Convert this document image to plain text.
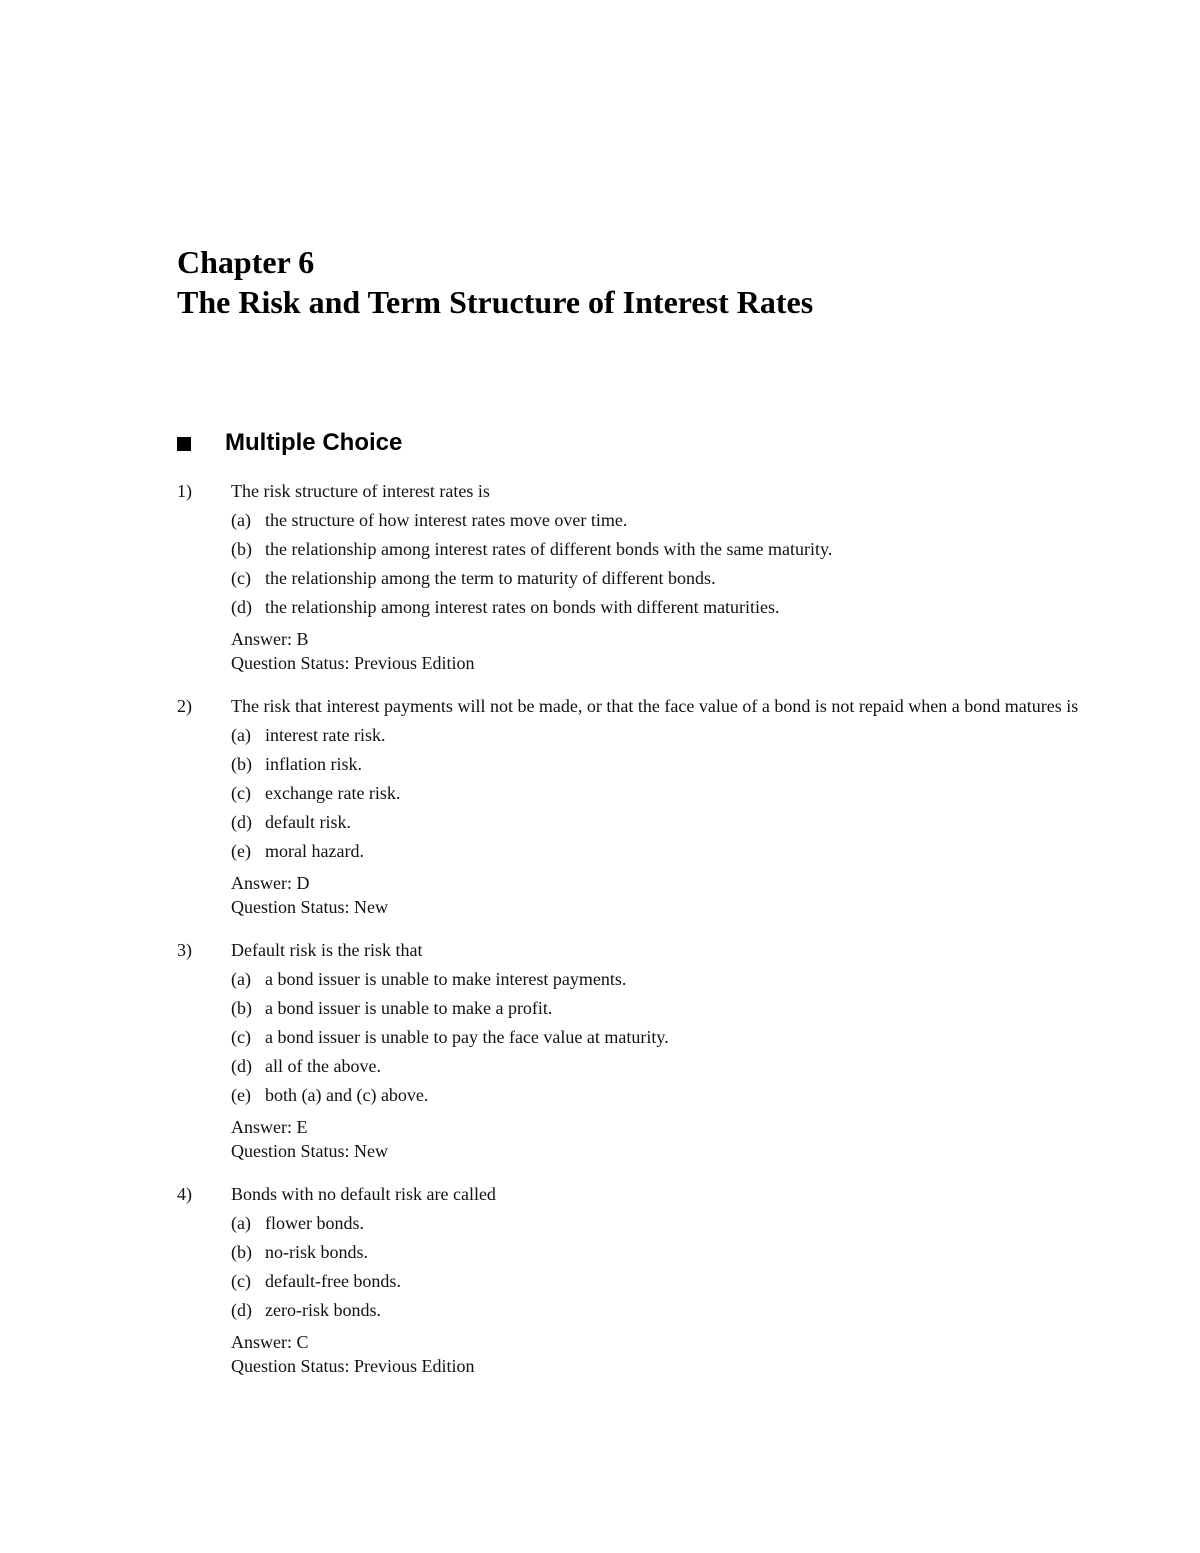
Chapter 6
The Risk and Term Structure of Interest Rates
Multiple Choice
1) The risk structure of interest rates is

(a) the structure of how interest rates move over time.
(b) the relationship among interest rates of different bonds with the same maturity.
(c) the relationship among the term to maturity of different bonds.
(d) the relationship among interest rates on bonds with different maturities.
Answer: B
Question Status: Previous Edition
2) The risk that interest payments will not be made, or that the face value of a bond is not repaid when a bond matures is

(a) interest rate risk.
(b) inflation risk.
(c) exchange rate risk.
(d) default risk.
(e) moral hazard.
Answer: D
Question Status: New
3) Default risk is the risk that

(a) a bond issuer is unable to make interest payments.
(b) a bond issuer is unable to make a profit.
(c) a bond issuer is unable to pay the face value at maturity.
(d) all of the above.
(e) both (a) and (c) above.
Answer: E
Question Status: New
4) Bonds with no default risk are called

(a) flower bonds.
(b) no-risk bonds.
(c) default-free bonds.
(d) zero-risk bonds.
Answer: C
Question Status: Previous Edition
